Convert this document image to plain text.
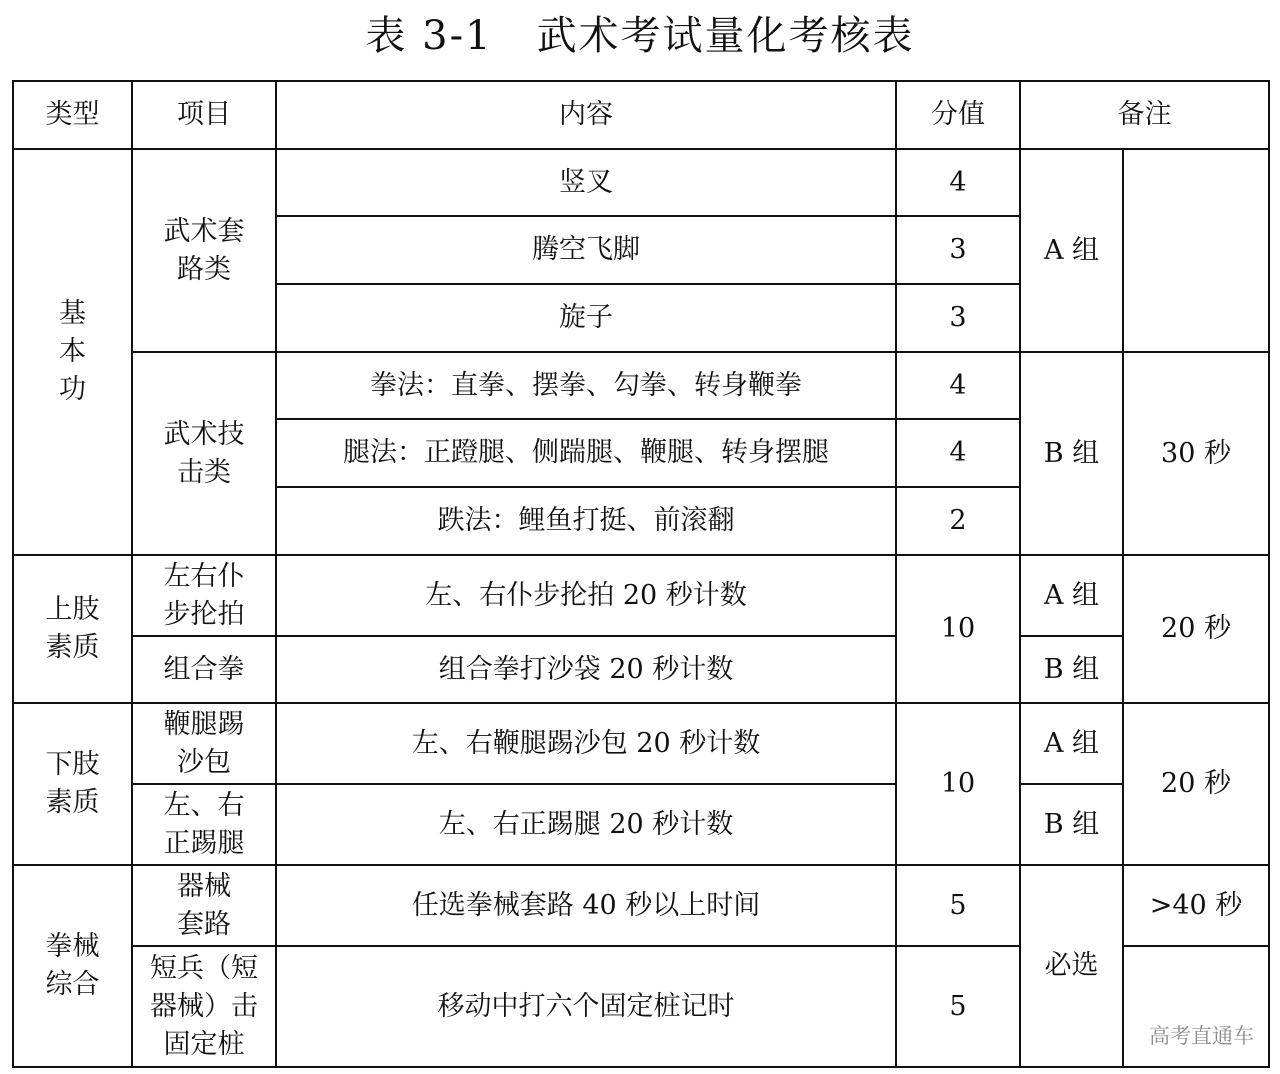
表 3-1 武术考试量化考核表
类型	项目	内容	分值	备注	

基本功	武术套路类	竖叉	4	A 组	
		腾空飞脚	3		
		旋子	3		

	武术技击类	拳法：直拳、摆拳、勾拳、转身鞭拳	4	B 组	30 秒
		腿法：正蹬腿、侧踹腿、鞭腿、转身摆腿	4		
		跌法：鲤鱼打挺、前滚翻	2		

上肢素质	左右仆步抡拍	左、右仆步抡拍 20 秒计数	10	A 组	20 秒
	组合拳	组合拳打沙袋 20 秒计数		B 组	

下肢素质	鞭腿踢沙包	左、右鞭腿踢沙包 20 秒计数	10	A 组	20 秒

	左、右正踢腿	左、右正踢腿 20 秒计数		B 组	

拳械综合	器械套路	任选拳械套路 40 秒以上时间	5	必选	>40 秒

	短兵（短器械）击固定桩	移动中打六个固定桩记时	5		
高考直通车
